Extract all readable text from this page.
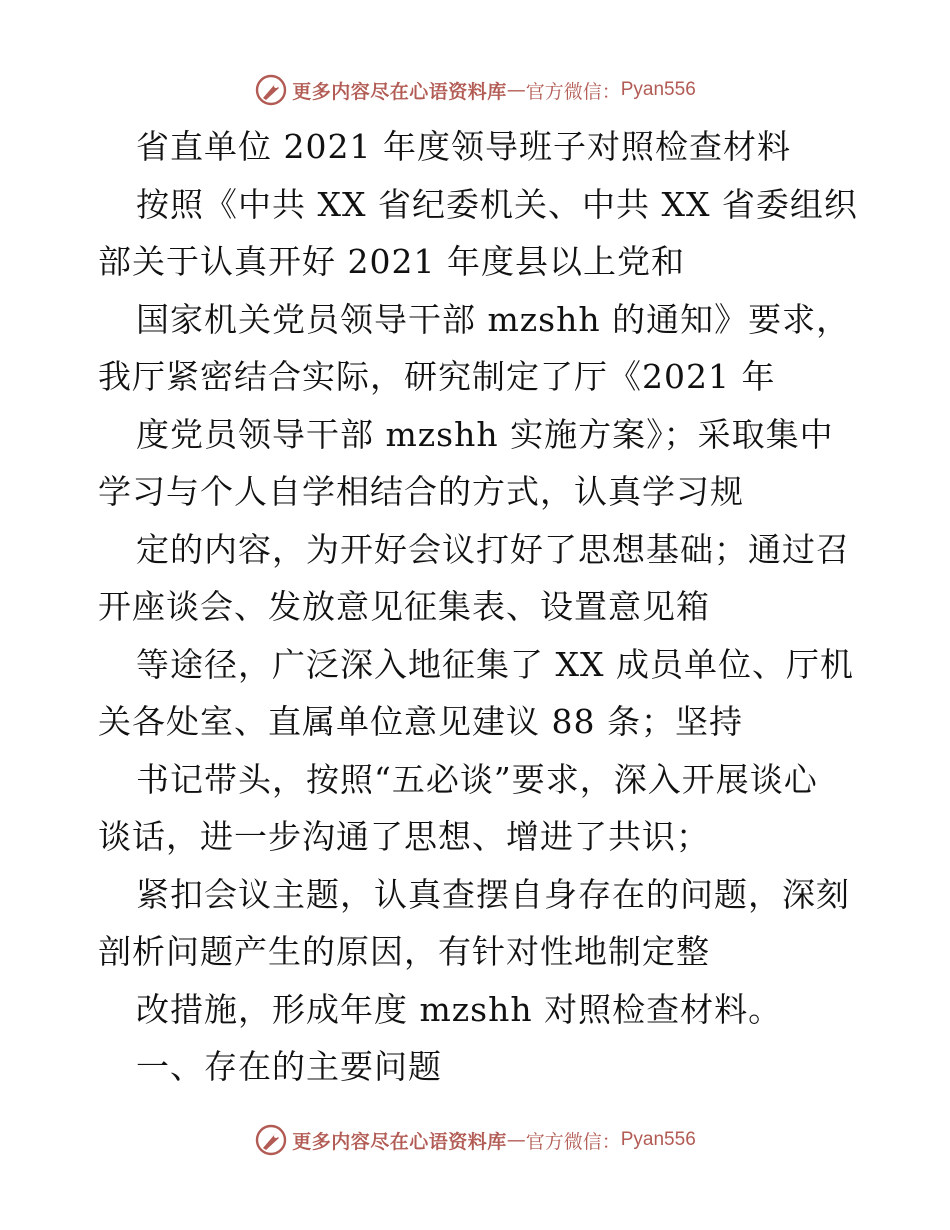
更多内容尽在心语资料库 — 官方微信： Pyan556
省直单位 2021 年度领导班子对照检查材料
按照《中共 XX 省纪委机关、中共 XX 省委组织
部关于认真开好 2021 年度县以上党和
国家机关党员领导干部 mzshh 的通知》要求，
我厅紧密结合实际，研究制定了厅《2021 年
度党员领导干部 mzshh 实施方案》；采取集中
学习与个人自学相结合的方式，认真学习规
定的内容，为开好会议打好了思想基础；通过召
开座谈会、发放意见征集表、设置意见箱
等途径，广泛深入地征集了 XX 成员单位、厅机
关各处室、直属单位意见建议 88 条；坚持
书记带头，按照“五必谈”要求，深入开展谈心
谈话，进一步沟通了思想、增进了共识；
紧扣会议主题，认真查摆自身存在的问题，深刻
剖析问题产生的原因，有针对性地制定整
改措施，形成年度 mzshh 对照检查材料。
一、存在的主要问题
更多内容尽在心语资料库 — 官方微信： Pyan556
